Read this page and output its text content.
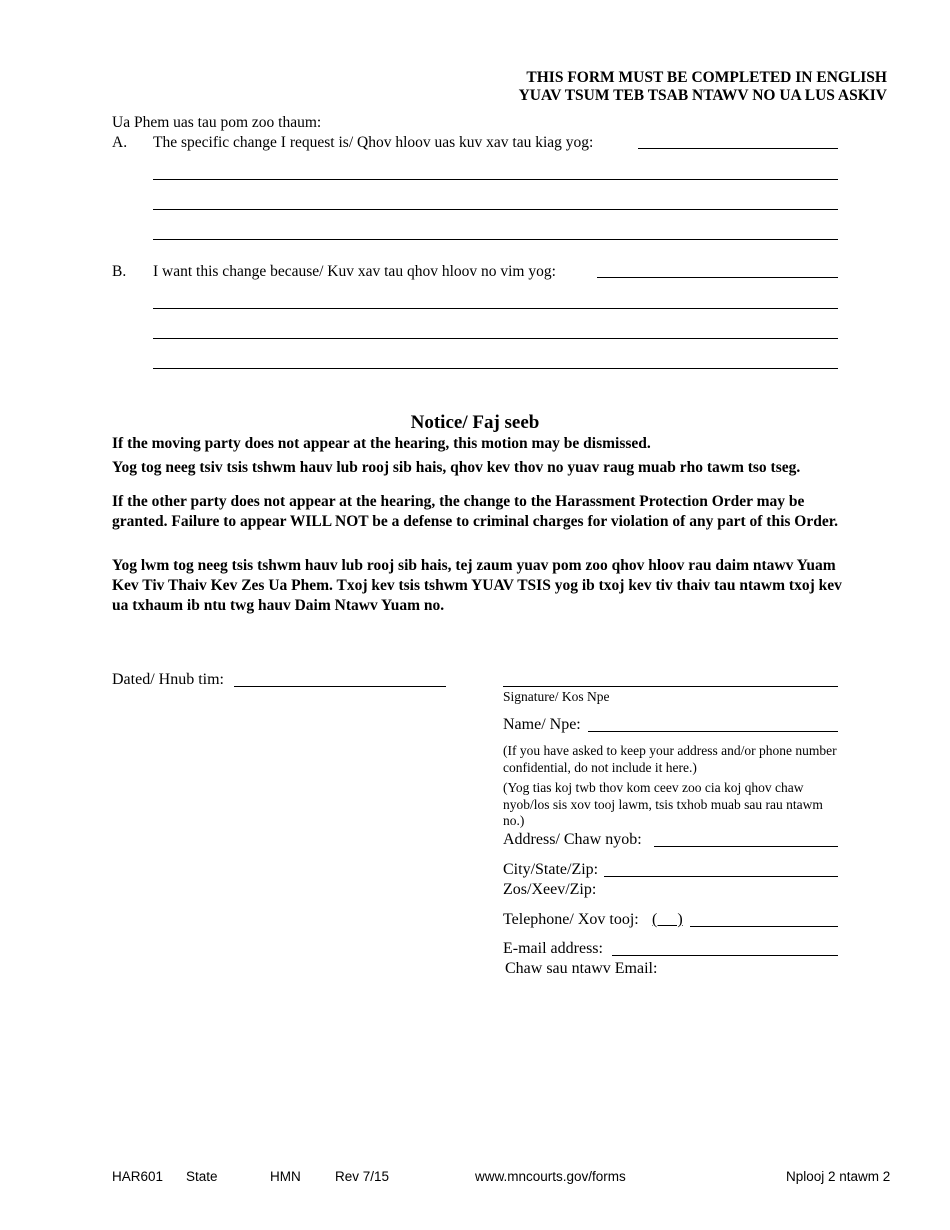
THIS FORM MUST BE COMPLETED IN ENGLISH
YUAV TSUM TEB TSAB NTAWV NO UA LUS ASKIV
Ua Phem uas tau pom zoo thaum:
A. The specific change I request is/ Qhov hloov uas kuv xav tau kiag yog:
B. I want this change because/ Kuv xav tau qhov hloov no vim yog:
Notice/ Faj seeb
If the moving party does not appear at the hearing, this motion may be dismissed.
Yog tog neeg tsiv tsis tshwm hauv lub rooj sib hais, qhov kev thov no yuav raug muab rho tawm tso tseg.
If the other party does not appear at the hearing, the change to the Harassment Protection Order may be granted. Failure to appear WILL NOT be a defense to criminal charges for violation of any part of this Order.
Yog lwm tog neeg tsis tshwm hauv lub rooj sib hais, tej zaum yuav pom zoo qhov hloov rau daim ntawv Yuam Kev Tiv Thaiv Kev Zes Ua Phem. Txoj kev tsis tshwm YUAV TSIS yog ib txoj kev tiv thaiv tau ntawm txoj kev ua txhaum ib ntu twg hauv Daim Ntawv Yuam no.
Dated/ Hnub tim:
Signature/ Kos Npe
Name/ Npe:
(If you have asked to keep your address and/or phone number confidential, do not include it here.)
(Yog tias koj twb thov kom ceev zoo cia koj qhov chaw nyob/los sis xov tooj lawm, tsis txhob muab sau rau ntawm no.)
Address/ Chaw nyob:
City/State/Zip:
Zos/Xeev/Zip:
Telephone/ Xov tooj: (     )
E-mail address:
Chaw sau ntawv Email:
HAR601 State	HMN	Rev 7/15	www.mncourts.gov/forms	Nplooj 2 ntawm 2
